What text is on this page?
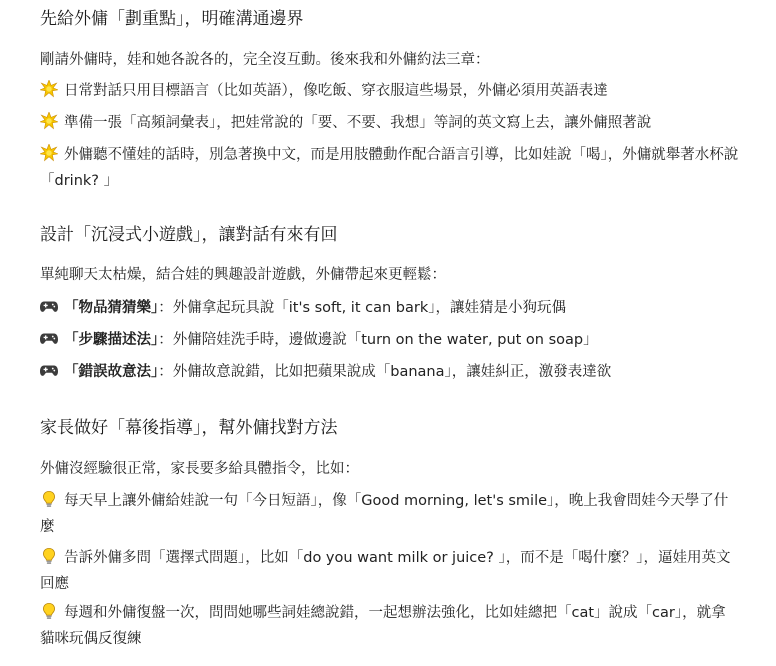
先給外傭「劃重點」，明確溝通邊界
剛請外傭時，娃和她各說各的，完全沒互動。後來我和外傭約法三章：
日常對話只用目標語言（比如英語），像吃飯、穿衣服這些場景，外傭必須用英語表達
準備一張「高頻詞彙表」，把娃常說的「要、不要、我想」等詞的英文寫上去，讓外傭照著說
外傭聽不懂娃的話時，別急著換中文，而是用肢體動作配合語言引導，比如娃說「喝」，外傭就舉著水杯說「drink? 」
設計「沉浸式小遊戲」，讓對話有來有回
單純聊天太枯燥，結合娃的興趣設計遊戲，外傭帶起來更輕鬆：
「物品猜猜樂」：外傭拿起玩具說「it's soft, it can bark」，讓娃猜是小狗玩偶
「步驟描述法」：外傭陪娃洗手時，邊做邊說「turn on the water, put on soap」
「錯誤故意法」：外傭故意說錯，比如把蘋果說成「banana」，讓娃糾正，激發表達欲
家長做好「幕後指導」，幫外傭找對方法
外傭沒經驗很正常，家長要多給具體指令，比如：
每天早上讓外傭給娃說一句「今日短語」，像「Good morning, let's smile」，晚上我會問娃今天學了什麼
告訴外傭多問「選擇式問題」，比如「do you want milk or juice? 」，而不是「喝什麼？」，逼娃用英文回應
每週和外傭復盤一次，問問她哪些詞娃總說錯，一起想辦法強化，比如娃總把「cat」說成「car」，就拿貓咪玩偶反復練
